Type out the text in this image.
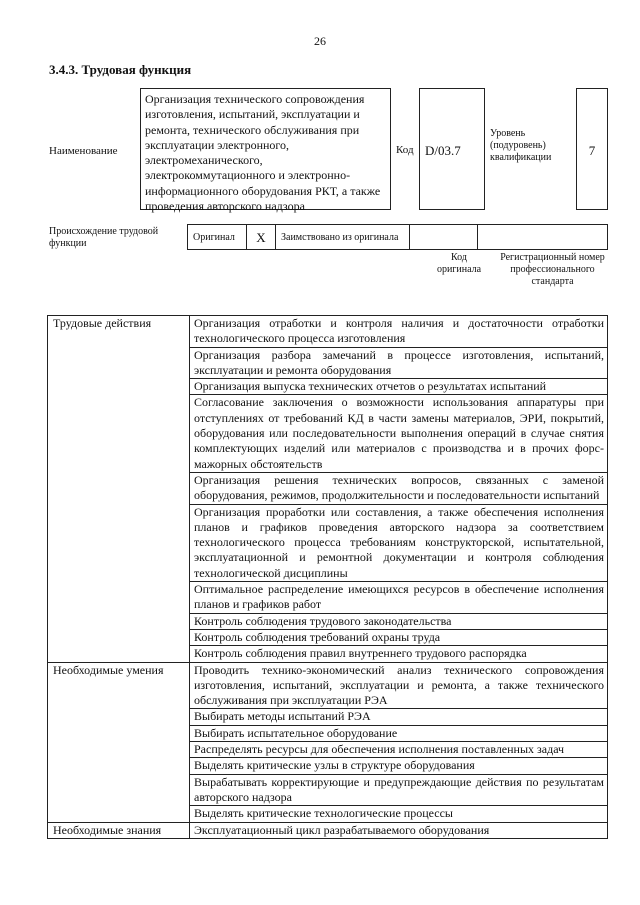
26
3.4.3. Трудовая функция
Наименование
Организация технического сопровождения изготовления, испытаний, эксплуатации и ремонта, технического обслуживания при эксплуатации электронного, электромеханического, электрокоммутационного и электронно-информационного оборудования РКТ, а также проведения авторского надзора
Код D/03.7
Уровень (подуровень) квалификации	7
Происхождение трудовой функции
Оригинал	X	Заимствовано из оригинала		
Код оригинала
Регистрационный номер профессионального стандарта
Трудовые действия	Организация отработки и контроля наличия и достаточности отработки технологического процесса изготовления
	Организация разбора замечаний в процессе изготовления, испытаний, эксплуатации и ремонта оборудования
	Организация выпуска технических отчетов о результатах испытаний
	Согласование заключения о возможности использования аппаратуры при отступлениях от требований КД в части замены материалов, ЭРИ, покрытий, оборудования или последовательности выполнения операций в случае снятия комплектующих изделий или материалов с производства и в прочих форс-мажорных обстоятельств
	Организация решения технических вопросов, связанных с заменой оборудования, режимов, продолжительности и последовательности испытаний
	Организация проработки или составления, а также обеспечения исполнения планов и графиков проведения авторского надзора за соответствием технологического процесса требованиям конструкторской, испытательной, эксплуатационной и ремонтной документации и контроля соблюдения технологической дисциплины
	Оптимальное распределение имеющихся ресурсов в обеспечение исполнения планов и графиков работ
	Контроль соблюдения трудового законодательства
	Контроль соблюдения требований охраны труда
	Контроль соблюдения правил внутреннего трудового распорядка
Необходимые умения	Проводить технико-экономический анализ технического сопровождения изготовления, испытаний, эксплуатации и ремонта, а также технического обслуживания при эксплуатации РЭА
	Выбирать методы испытаний РЭА
	Выбирать испытательное оборудование
	Распределять ресурсы для обеспечения исполнения поставленных задач
	Выделять критические узлы в структуре оборудования
	Вырабатывать корректирующие и предупреждающие действия по результатам авторского надзора
	Выделять критические технологические процессы
Необходимые знания	Эксплуатационный цикл разрабатываемого оборудования
